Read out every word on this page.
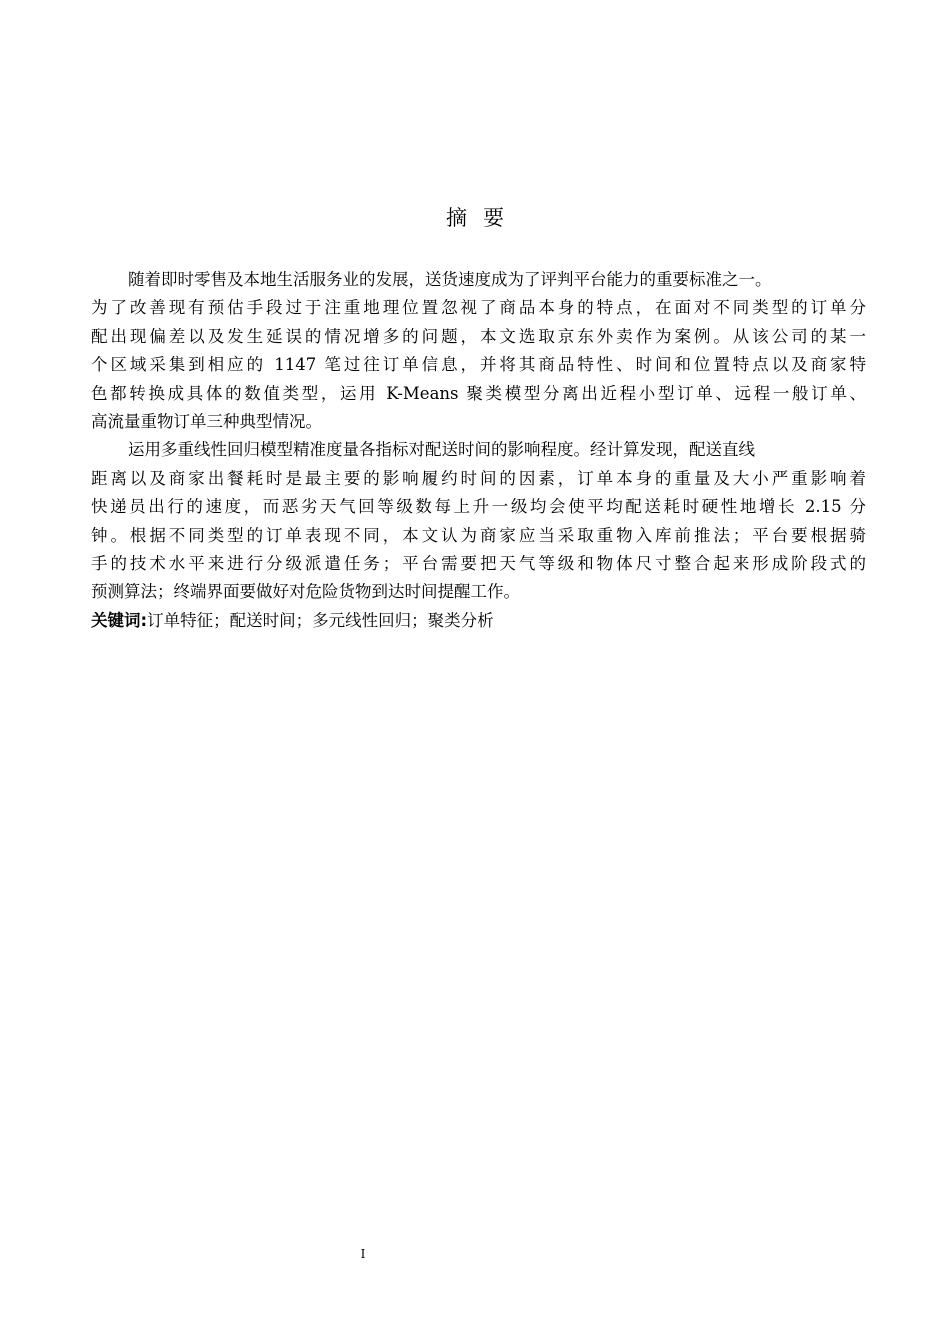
摘要
随着即时零售及本地生活服务业的发展，送货速度成为了评判平台能力的重要标准之一。
为了改善现有预估手段过于注重地理位置忽视了商品本身的特点，在面对不同类型的订单分
配出现偏差以及发生延误的情况增多的问题，本文选取京东外卖作为案例。从该公司的某一
个区域采集到相应的 1147 笔过往订单信息，并将其商品特性、时间和位置特点以及商家特
色都转换成具体的数值类型，运用 K-Means 聚类模型分离出近程小型订单、远程一般订单、
高流量重物订单三种典型情况。
运用多重线性回归模型精准度量各指标对配送时间的影响程度。经计算发现，配送直线
距离以及商家出餐耗时是最主要的影响履约时间的因素，订单本身的重量及大小严重影响着
快递员出行的速度，而恶劣天气回等级数每上升一级均会使平均配送耗时硬性地增长 2.15 分
钟。根据不同类型的订单表现不同，本文认为商家应当采取重物入库前推法；平台要根据骑
手的技术水平来进行分级派遣任务；平台需要把天气等级和物体尺寸整合起来形成阶段式的
预测算法；终端界面要做好对危险货物到达时间提醒工作。
关键词:订单特征；配送时间；多元线性回归；聚类分析
I
